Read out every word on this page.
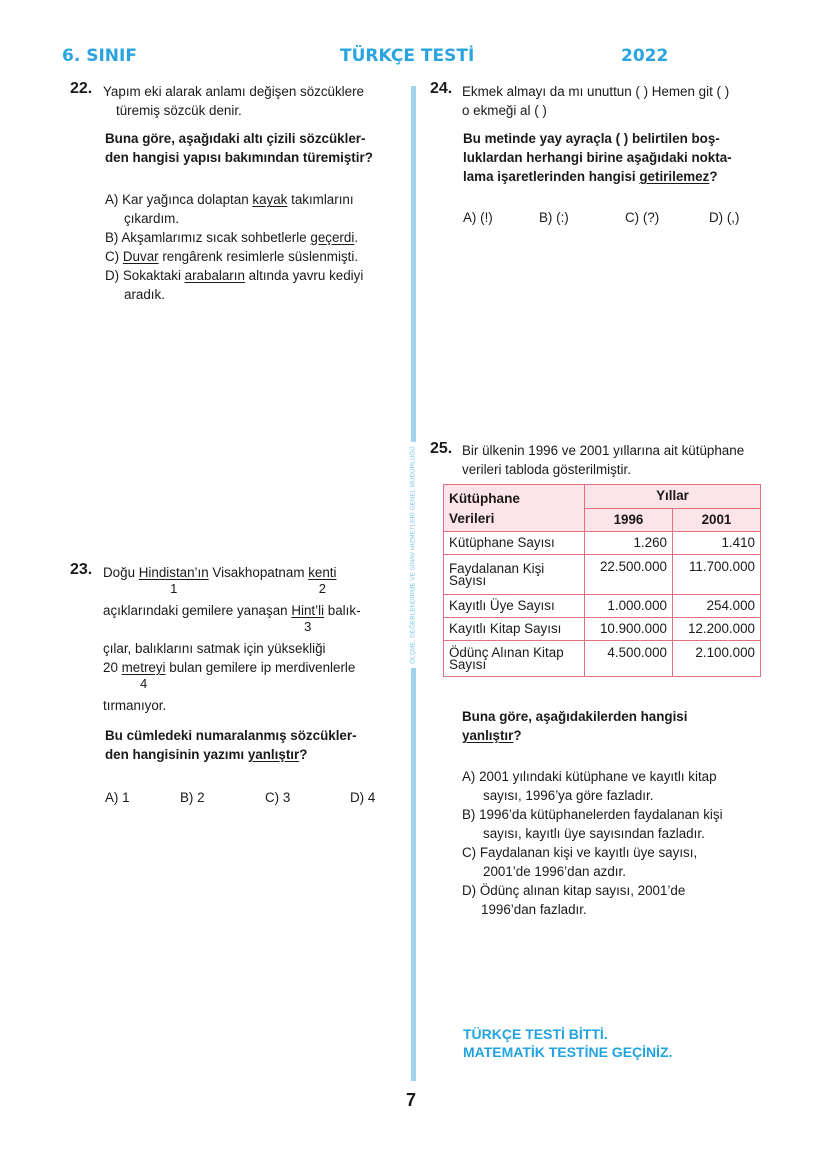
6. SINIF	TÜRKÇE TESTİ	2022
ÖLÇME, DEĞERLENDİRME VE SINAV HİZMETLERİ GENEL MÜDÜRLÜĞÜ
22. Yapım eki alarak anlamı değişen sözcüklere

türemiş sözcük denir.

Buna göre, aşağıdaki altı çizili sözcükler-
den hangisi yapısı bakımından türemiştir?
A) Kar yağınca dolaptan kayak takımlarını
çıkardım.
B) Akşamlarımız sıcak sohbetlerle geçerdi.
C) Duvar rengârenk resimlerle süslenmişti.
D) Sokaktaki arabaların altında yavru kediyi
aradık.
23. Doğu Hindistan’ın
1
Visakhopatnam kenti
2
açıklarındaki gemilere yanaşan Hint’li
3
balık-
çılar, balıklarını satmak için yüksekliği
20 metreyi
4
bulan gemilere ip merdivenlerle
tırmanıyor.
Bu cümledeki numaralanmış sözcükler-
den hangisinin yazımı yanlıştır?
A) 1	B) 2	C) 3	D) 4
24. Ekmek almayı da mı unuttun ( ) Hemen git ( )
o ekmeği al ( )
Bu metinde yay ayraçla ( ) belirtilen boş-
luklardan herhangi birine aşağıdaki nokta-
lama işaretlerinden hangisi getirilemez?
A) (!)	B) (:)	C) (?)	D) (,)
25. Bir ülkenin 1996 ve 2001 yıllarına ait kütüphane
verileri tabloda gösterilmiştir.
Kütüphane
Verileri	Yıllar	
	1996	2001
Kütüphane Sayısı	1.260	1.410
Faydalanan Kişi Sayısı	22.500.000	11.700.000
Kayıtlı Üye Sayısı	1.000.000	254.000
Kayıtlı Kitap Sayısı	10.900.000	12.200.000
Ödünç Alınan Kitap Sayısı	4.500.000	2.100.000
Buna göre, aşağıdakilerden hangisi
yanlıştır?
A) 2001 yılındaki kütüphane ve kayıtlı kitap
sayısı, 1996’ya göre fazladır.
B) 1996’da kütüphanelerden faydalanan kişi
sayısı, kayıtlı üye sayısından fazladır.
C) Faydalanan kişi ve kayıtlı üye sayısı,
2001’de 1996’dan azdır.
D) Ödünç alınan kitap sayısı, 2001’de
1996’dan fazladır.
TÜRKÇE TESTİ BİTTİ.
MATEMATİK TESTİNE GEÇİNİZ.
7
